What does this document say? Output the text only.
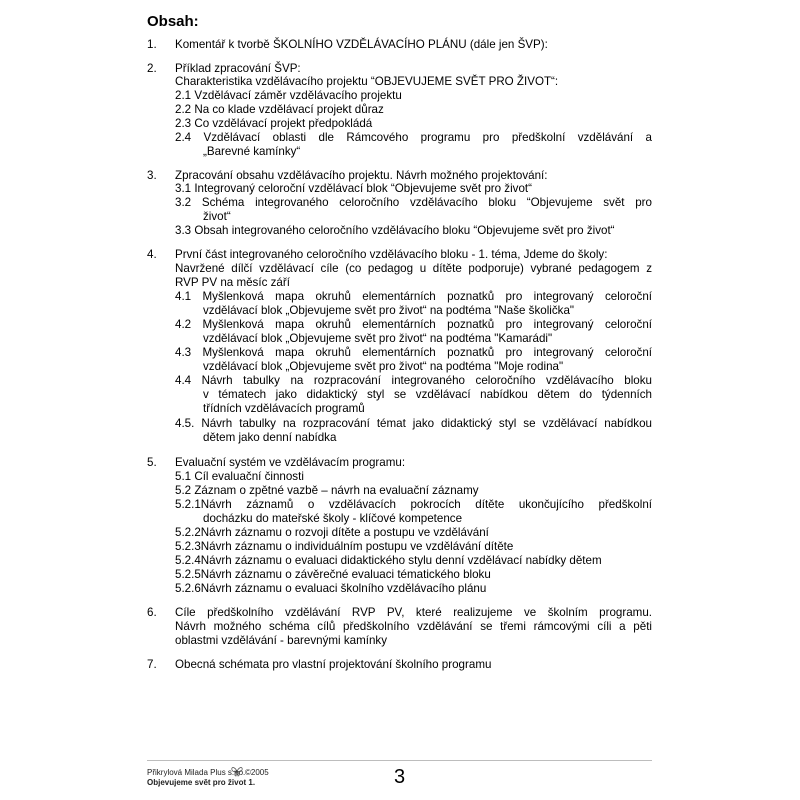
Obsah:
1. Komentář k tvorbě ŠKOLNÍHO VZDĚLÁVACÍHO PLÁNU (dále jen ŠVP):
2. Příklad zpracování ŠVP:
Charakteristika vzdělávacího projektu “OBJEVUJEME SVĚT PRO ŽIVOT“:
2.1 Vzdělávací záměr vzdělávacího projektu
2.2 Na co klade vzdělávací projekt důraz
2.3 Co vzdělávací projekt předpokládá
2.4 Vzdělávací oblasti dle Rámcového programu pro předškolní vzdělávání a
„Barevné kamínky“
3. Zpracování obsahu vzdělávacího projektu. Návrh možného projektování:
3.1 Integrovaný celoroční vzdělávací blok “Objevujeme svět pro život“
3.2 Schéma integrovaného celoročního vzdělávacího bloku “Objevujeme svět pro
život“
3.3 Obsah integrovaného celoročního vzdělávacího bloku “Objevujeme svět pro život“
4. První část integrovaného celoročního vzdělávacího bloku - 1. téma, Jdeme do školy:
Navržené dílčí vzdělávací cíle (co pedagog u dítěte podporuje) vybrané pedagogem z
RVP PV na měsíc září
4.1 Myšlenková mapa okruhů elementárních poznatků pro integrovaný celoroční
vzdělávací blok „Objevujeme svět pro život“ na podtéma "Naše školička"
4.2 Myšlenková mapa okruhů elementárních poznatků pro integrovaný celoroční
vzdělávací blok „Objevujeme svět pro život“ na podtéma "Kamarádi"
4.3 Myšlenková mapa okruhů elementárních poznatků pro integrovaný celoroční
vzdělávací blok „Objevujeme svět pro život“ na podtéma "Moje rodina"
4.4 Návrh tabulky na rozpracování integrovaného celoročního vzdělávacího bloku
v tématech jako didaktický styl se vzdělávací nabídkou dětem do týdenních
třídních vzdělávacích programů
4.5. Návrh tabulky na rozpracování témat jako didaktický styl se vzdělávací nabídkou
dětem jako denní nabídka
5. Evaluační systém ve vzdělávacím programu:
5.1 Cíl evaluační činnosti
5.2 Záznam o zpětné vazbě – návrh na evaluační záznamy
5.2.1Návrh záznamů o vzdělávacích pokrocích dítěte ukončujícího předškolní
docházku do mateřské školy - klíčové kompetence
5.2.2Návrh záznamu o rozvoji dítěte a postupu ve vzdělávání
5.2.3Návrh záznamu o individuálním postupu ve vzdělávání dítěte
5.2.4Návrh záznamu o evaluaci didaktického stylu denní vzdělávací nabídky dětem
5.2.5Návrh záznamu o závěrečné evaluaci tématického bloku
5.2.6Návrh záznamu o evaluaci školního vzdělávacího plánu
6. Cíle předškolního vzdělávání RVP PV, které realizujeme ve školním programu.
Návrh možného schéma cílů předškolního vzdělávání se třemi rámcovými cíli a pěti
oblastmi vzdělávání - barevnými kamínky
7. Obecná schémata pro vlastní projektování školního programu
Přikrylová Milada Plus s.r.o. ©2005
Objevujeme svět pro život 1.	3
